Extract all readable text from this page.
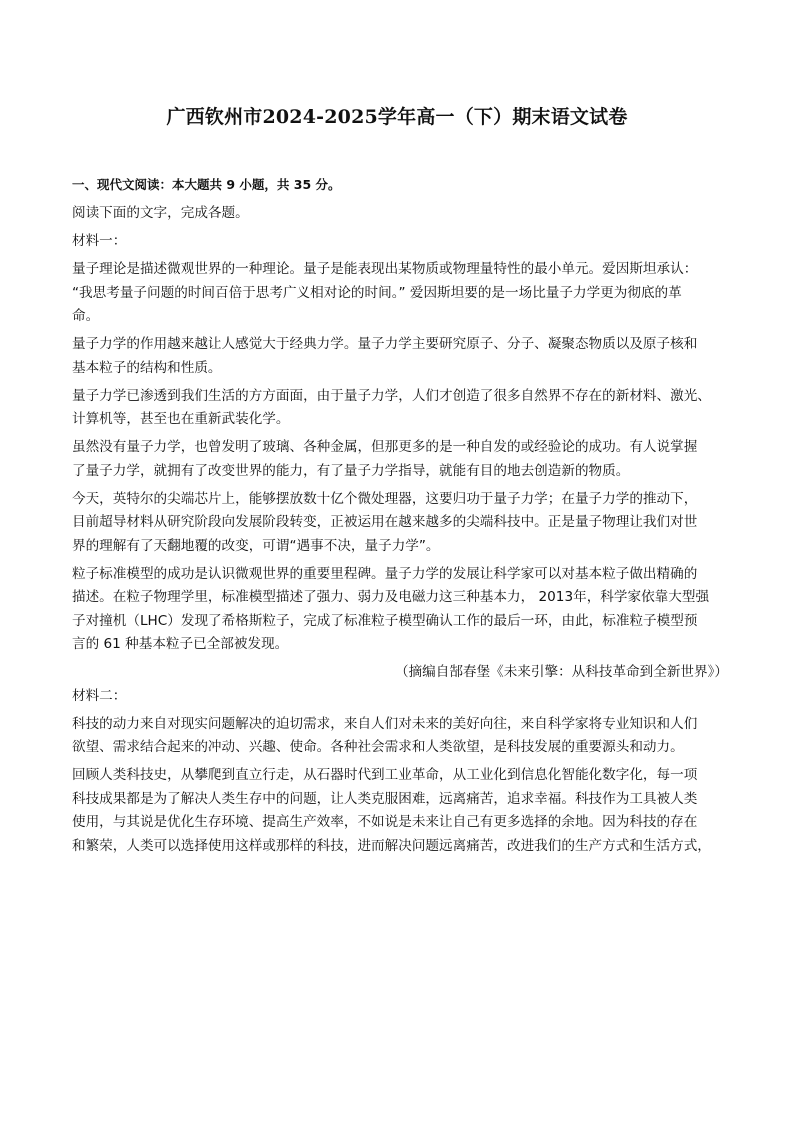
广西钦州市2024-2025学年高一（下）期末语文试卷

一、现代文阅读：本大题共 9 小题，共 35 分。

阅读下面的文字，完成各题。

材料一：

量子理论是描述微观世界的一种理论。量子是能表现出某物质或物理量特性的最小单元。爱因斯坦承认：

“我思考量子问题的时间百倍于思考广义相对论的时间。” 爱因斯坦要的是一场比量子力学更为彻底的革

命。

量子力学的作用越来越让人感觉大于经典力学。量子力学主要研究原子、分子、凝聚态物质以及原子核和

基本粒子的结构和性质。

量子力学已渗透到我们生活的方方面面，由于量子力学，人们才创造了很多自然界不存在的新材料、激光、

计算机等，甚至也在重新武装化学。

虽然没有量子力学，也曾发明了玻璃、各种金属，但那更多的是一种自发的或经验论的成功。有人说掌握

了量子力学，就拥有了改变世界的能力，有了量子力学指导，就能有目的地去创造新的物质。

今天，英特尔的尖端芯片上，能够摆放数十亿个微处理器，这要归功于量子力学；在量子力学的推动下，

目前超导材料从研究阶段向发展阶段转变，正被运用在越来越多的尖端科技中。正是量子物理让我们对世

界的理解有了天翻地覆的改变，可谓“遇事不决，量子力学”。

粒子标准模型的成功是认识微观世界的重要里程碑。量子力学的发展让科学家可以对基本粒子做出精确的

描述。在粒子物理学里，标准模型描述了强力、弱力及电磁力这三种基本力， 2013年，科学家依靠大型强

子对撞机（LHC）发现了希格斯粒子，完成了标准粒子模型确认工作的最后一环，由此，标准粒子模型预

言的 61 种基本粒子已全部被发现。

（摘编自郜春堡《未来引擎：从科技革命到全新世界》）

材料二：

科技的动力来自对现实问题解决的迫切需求，来自人们对未来的美好向往，来自科学家将专业知识和人们

欲望、需求结合起来的冲动、兴趣、使命。各种社会需求和人类欲望，是科技发展的重要源头和动力。

回顾人类科技史，从攀爬到直立行走，从石器时代到工业革命，从工业化到信息化智能化数字化，每一项

科技成果都是为了解决人类生存中的问题，让人类克服困难，远离痛苦，追求幸福。科技作为工具被人类

使用，与其说是优化生存环境、提高生产效率，不如说是未来让自己有更多选择的余地。因为科技的存在

和繁荣，人类可以选择使用这样或那样的科技，进而解决问题远离痛苦，改进我们的生产方式和生活方式，
